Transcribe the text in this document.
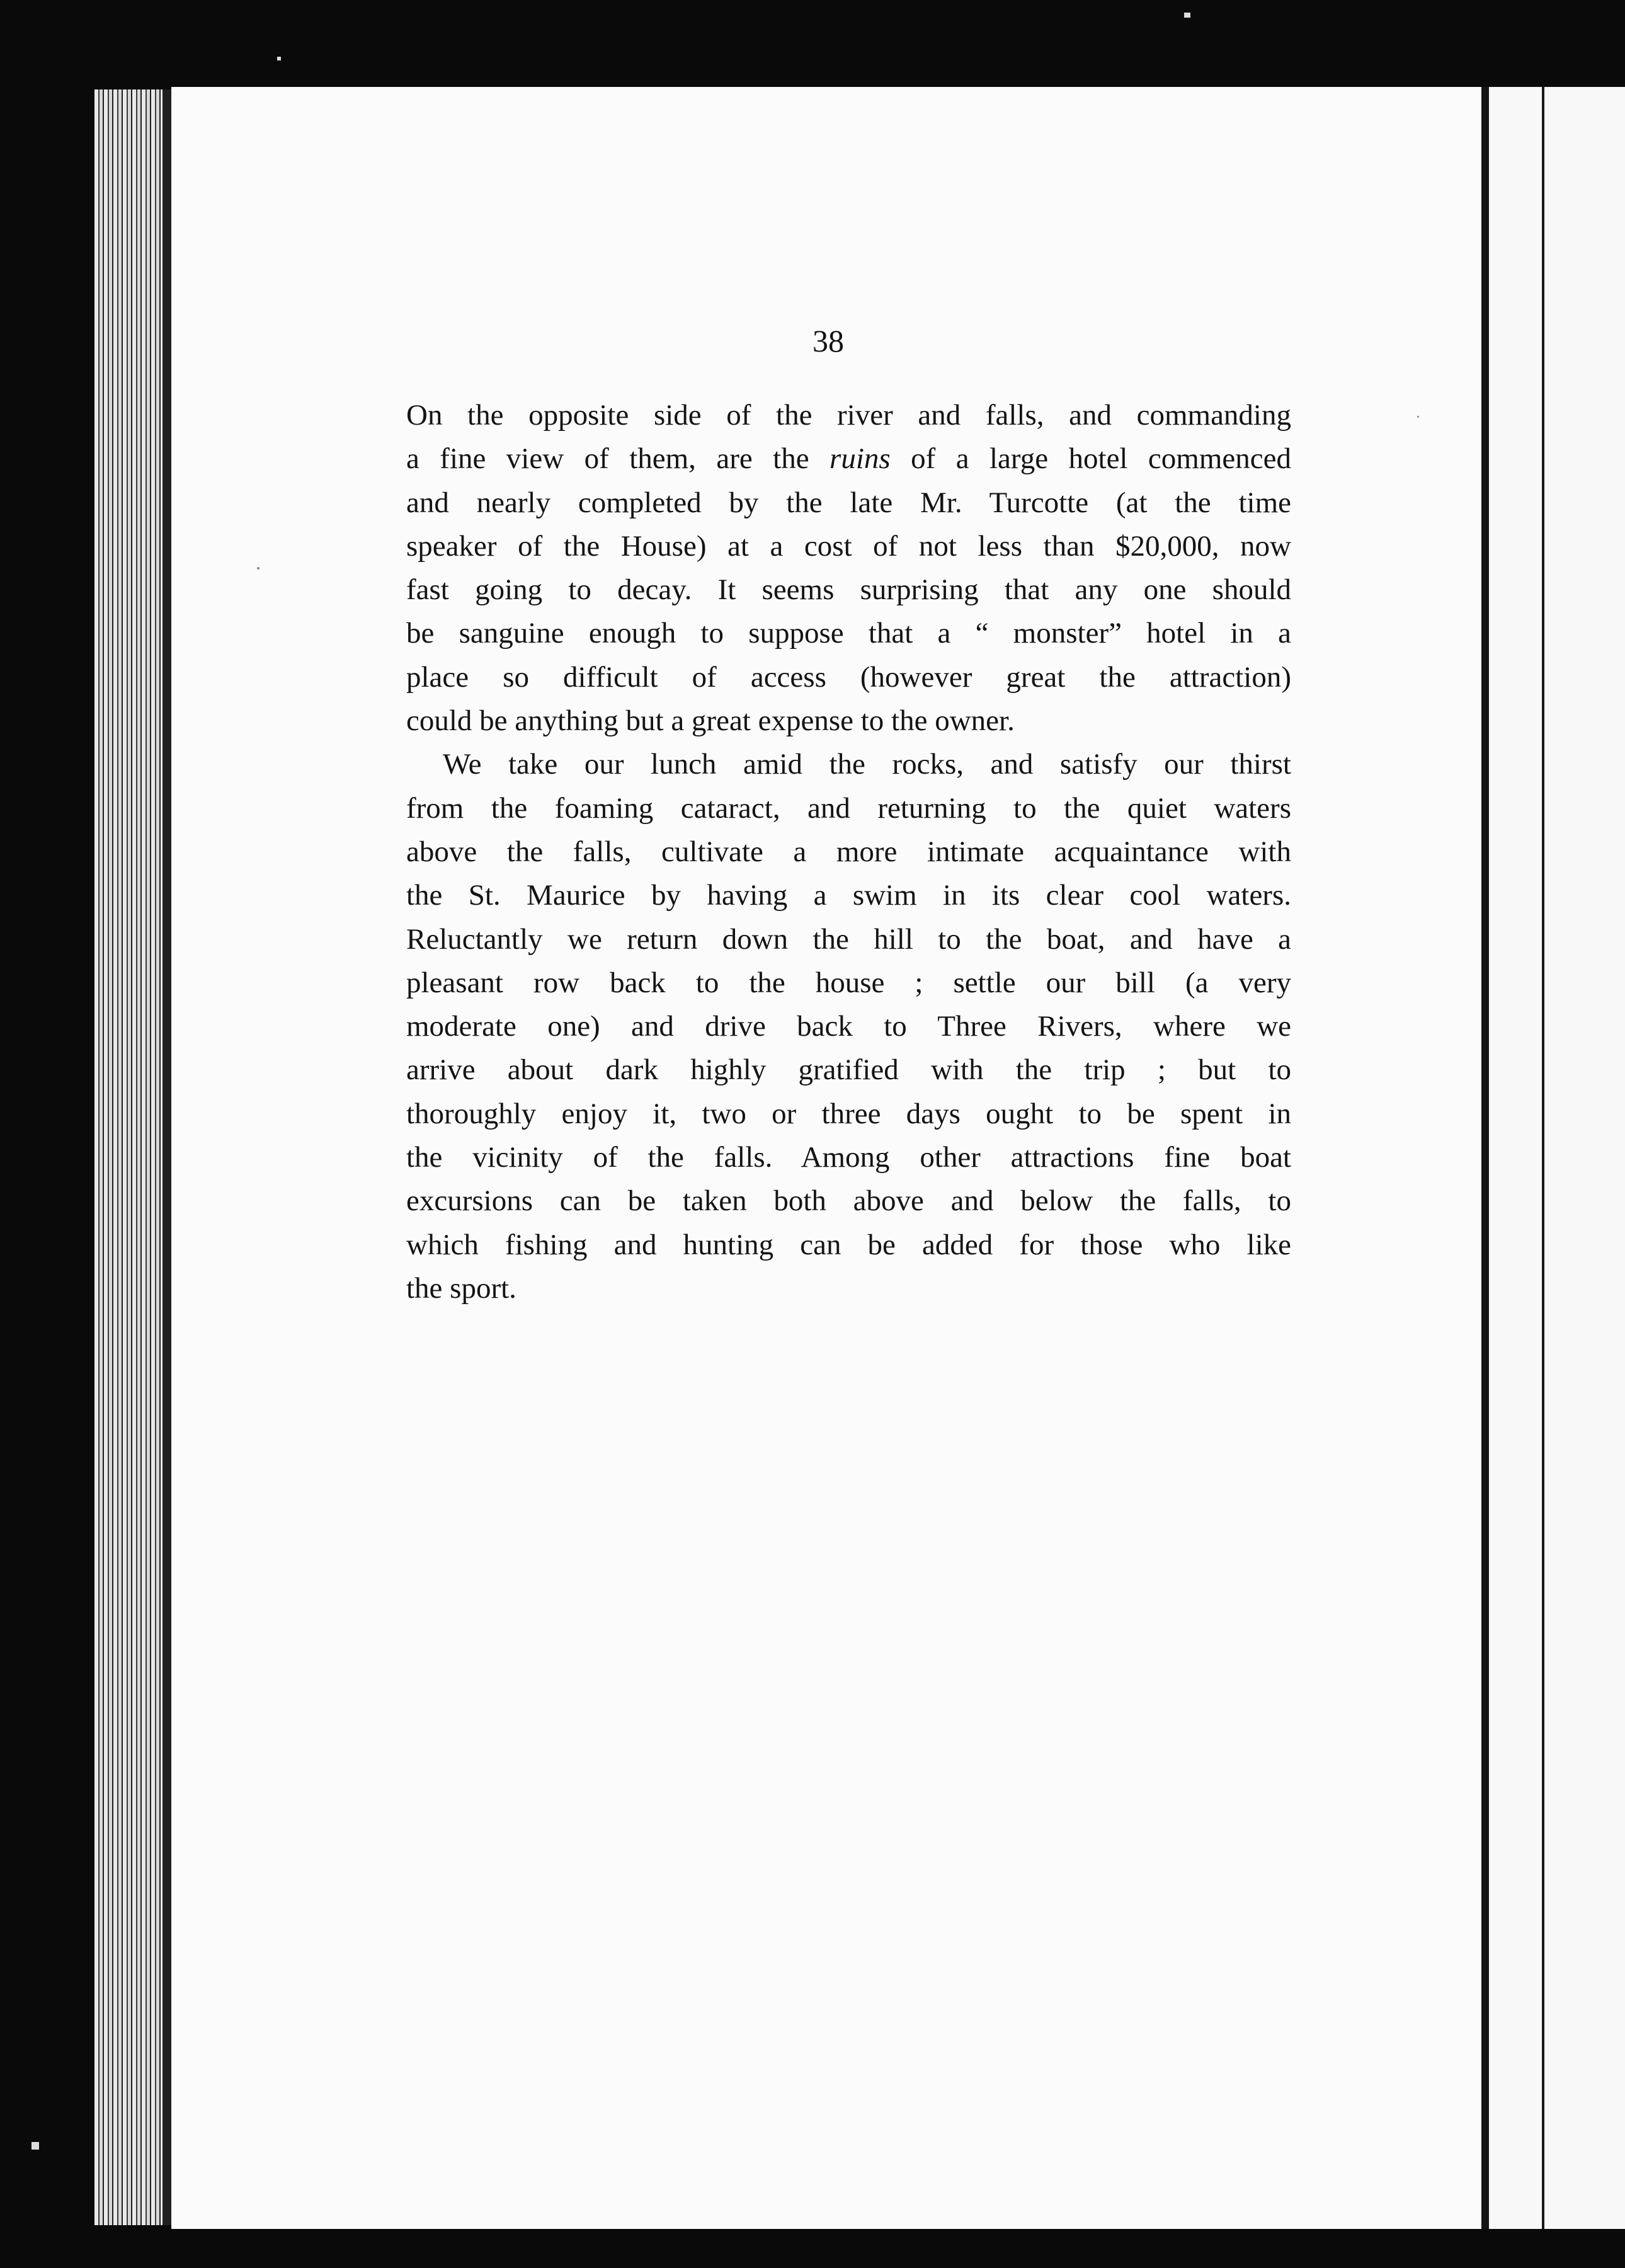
38
On the opposite side of the river and falls, and commanding
a fine view of them, are the ruins of a large hotel commenced
and nearly completed by the late Mr. Turcotte (at the time
speaker of the House) at a cost of not less than $20,000, now
fast going to decay. It seems surprising that any one should
be sanguine enough to suppose that a “ monster” hotel in a
place so difficult of access (however great the attraction)
could be anything but a great expense to the owner.
We take our lunch amid the rocks, and satisfy our thirst
from the foaming cataract, and returning to the quiet waters
above the falls, cultivate a more intimate acquaintance with
the St. Maurice by having a swim in its clear cool waters.
Reluctantly we return down the hill to the boat, and have a
pleasant row back to the house ; settle our bill (a very
moderate one) and drive back to Three Rivers, where we
arrive about dark highly gratified with the trip ; but to
thoroughly enjoy it, two or three days ought to be spent in
the vicinity of the falls. Among other attractions fine boat
excursions can be taken both above and below the falls, to
which fishing and hunting can be added for those who like
the sport.
